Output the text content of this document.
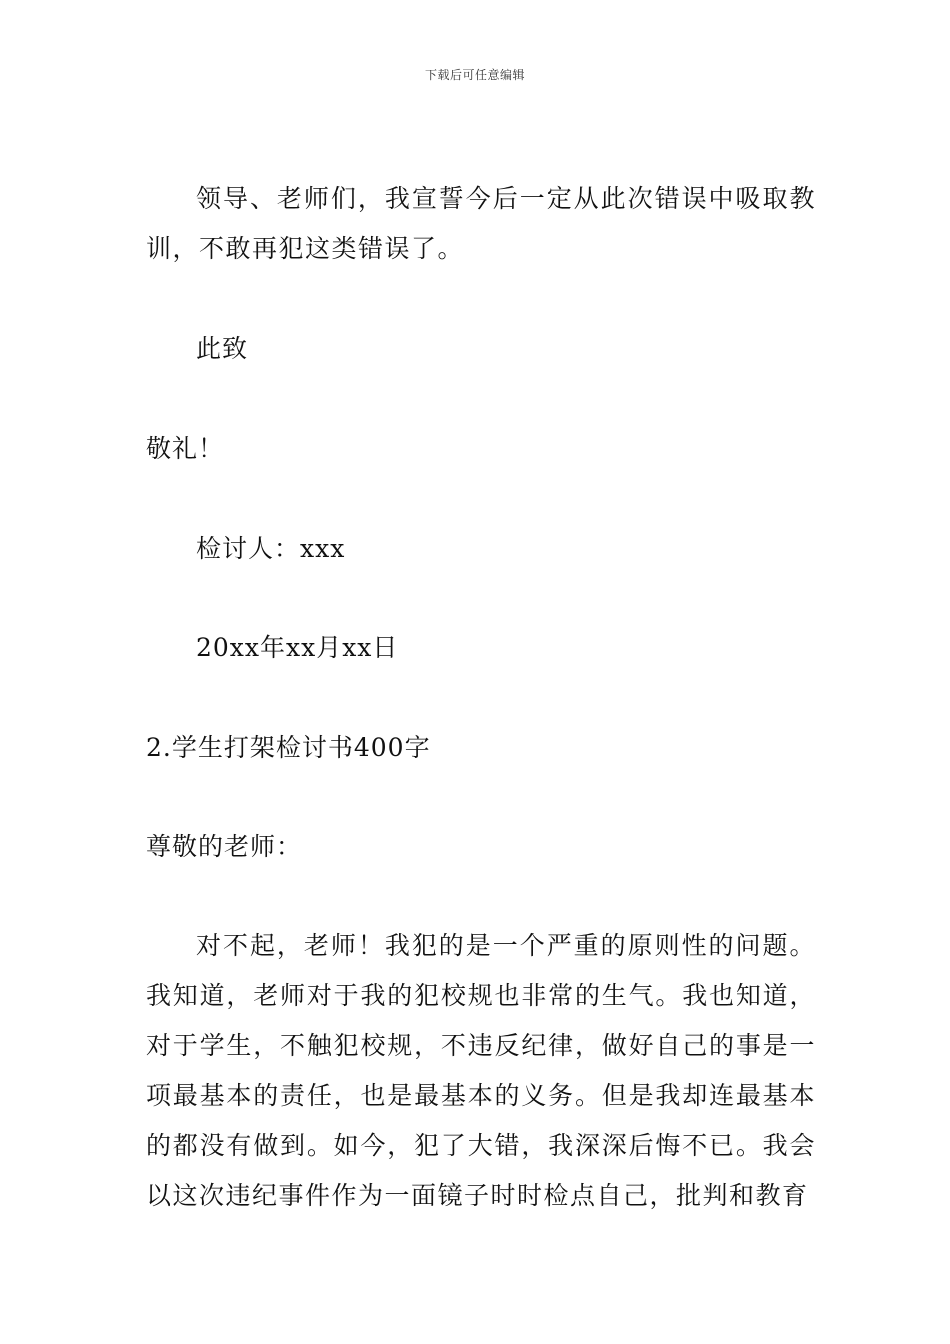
下载后可任意编辑
领导、老师们，我宣誓今后一定从此次错误中吸取教训，不敢再犯这类错误了。
此致
敬礼！
检讨人：xxx
20xx年xx月xx日
2.学生打架检讨书400字
尊敬的老师：
对不起，老师！我犯的是一个严重的原则性的问题。我知道，老师对于我的犯校规也非常的生气。我也知道，对于学生，不触犯校规，不违反纪律，做好自己的事是一项最基本的责任，也是最基本的义务。但是我却连最基本的都没有做到。如今，犯了大错，我深深后悔不已。我会以这次违纪事件作为一面镜子时时检点自己，批判和教育
